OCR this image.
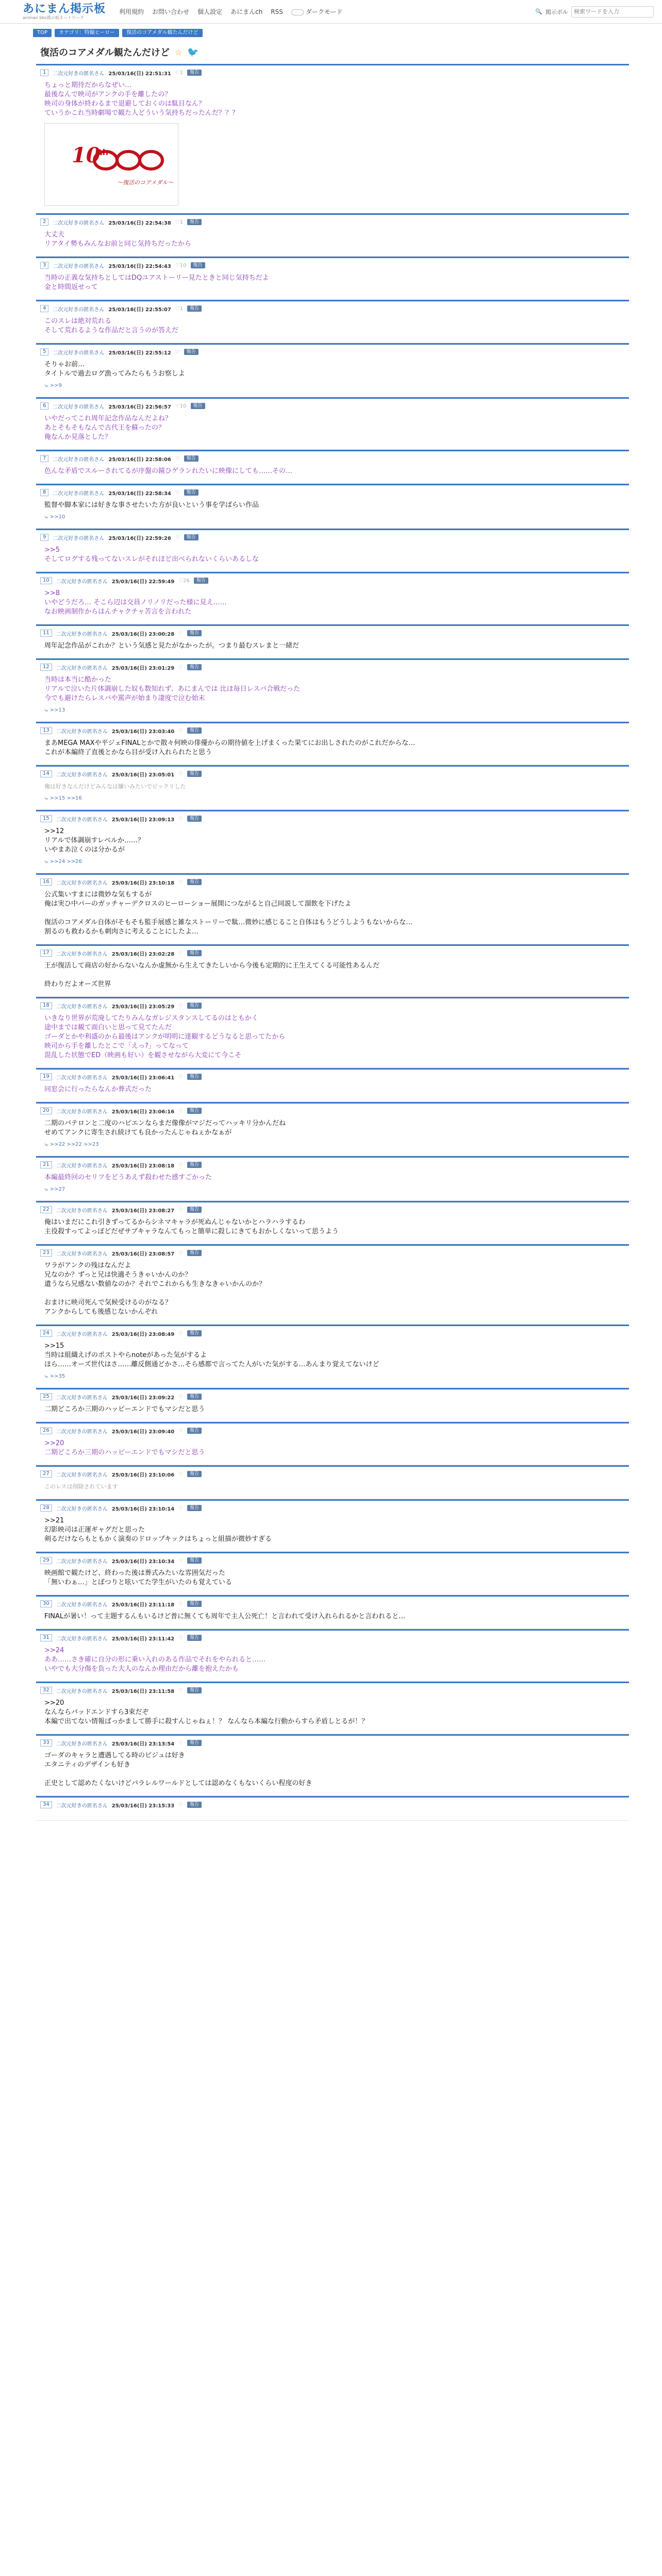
あにまん掲示板
animan bbs掲示板ネットワーク
利用規約 お問い合わせ 個人設定 あにまんch RSS	ダークモード	🔍 掲示ボル
検索ワードを入力
TOP	カテゴリ：特撮ヒーロー	復活のコアメダル観たんだけど
復活のコアメダル観たんだけど ☆ 🐦
1	二次元好きの匿名さん 25/03/16(日) 22:51:31 ♡1	報告
ちょっと期待だからなぜい…
最後なんで映司がアンクの手を離したの？
映司の身体が終わるまで退避しておくのは駄目なん？
ていうかこれ当時劇場で観た人どういう気持ちだったんだ？？？
10
th
～復活のコアメダル～
2	二次元好きの匿名さん 25/03/16(日) 22:54:38 ♡1	報告
大丈夫
リアタイ勢もみんなお前と同じ気持ちだったから
3	二次元好きの匿名さん 25/03/16(日) 22:54:43 ♡10	報告
当時の正義な気持ちとしてはDQユアストーリー見たときと同じ気持ちだよ
金と時間返せって
4	二次元好きの匿名さん 25/03/16(日) 22:55:07 ♡1	報告
このスレは絶対荒れる
そして荒れるような作品だと言うのが答えだ
5	二次元好きの匿名さん 25/03/16(日) 22:55:12 ♡	報告
そりゃお前…
タイトルで過去ログ漁ってみたらもうお察しよ
⤷ >>9
6	二次元好きの匿名さん 25/03/16(日) 22:56:57 ♡10	報告
いやだってこれ周年記念作品なんだよね？
あとそもそもなんで古代王を蘇ったの？
俺なんか見落とした？
7	二次元好きの匿名さん 25/03/16(日) 22:58:06 ♡	報告
色んな矛盾でスルーされてるが序盤の鏡ひゲランれたいに映像にしても……その…
8	二次元好きの匿名さん 25/03/16(日) 22:58:34 ♡	報告
監督や脚本家には好きな事させたいた方が良いという事を学ばらい作品
⤷ >>10
9	二次元好きの匿名さん 25/03/16(日) 22:59:26 ♡	報告
>>5
そしてログする残ってないスレがそれほど出べられないくらいあるしな
10	二次元好きの匿名さん 25/03/16(日) 22:59:49 ♡26	報告
>>8
いやどうだろ… そこら辺は交員ノリノリだった様に見え……
なお映画制作からはんチャクチャ苦言を言われた
11	二次元好きの匿名さん 25/03/16(日) 23:00:28 ♡	報告
周年記念作品がこれか？という気感と見たがなかったが。つまり最むスレまと一緒だ
12	二次元好きの匿名さん 25/03/16(日) 23:01:29 ♡	報告
当時は本当に酷かった
リアルで泣いた片体調崩した奴も数知れず、あにまんでは 比ほ毎日レスバ合戦だった
今でも避けたらレスバや罵声が始まり凄度で泣む始末
⤷ >>13
13	二次元好きの匿名さん 25/03/16(日) 23:03:40 ♡	報告
まあMEGA MAXや平ジェFINALとかで散々何映の俳優からの期待値を上げまくった果てにお出しされたのがこれだからな…
これが本編終了直後とかなら目が受け入れられたと思う
14	二次元好きの匿名さん 25/03/16(日) 23:05:01 ♡	報告
俺は好きなんだけどみんなは嫌いみたいでビックリした
⤷ >>15 >>16
15	二次元好きの匿名さん 25/03/16(日) 23:09:13 ♡	報告
>>12
リアルで体調崩すレベルか……？
いやまあ泣くのは分かるが
⤷ >>24 >>26
16	二次元好きの匿名さん 25/03/16(日) 23:10:18 ♡	報告
公式集いすまには微妙な気もするが
俺は実ひ中パーのガッチャーデクロスのヒーローショー展開につながると自己同説して溜飲を下げたよ
復活のコアメダル自体がそもそも監手展感と雑なストーリーで駄…微妙に感じること自体はもうどうしようもないからな…
割るのも救わるかも刺肉さに考えることにしたよ…
17	二次元好きの匿名さん 25/03/16(日) 23:02:28 ♡	報告
王が復活して商店の好からないなんか虚無から生えてきたしいから今後も定期的に王生えてくる可能性あるんだ
終わりだよオーズ世界
18	二次元好きの匿名さん 25/03/16(日) 23:05:29 ♡	報告
いきなり世界が荒廃してたりみんなガレジスタンスしてるのはともかく
途中までは観て面白いと思って見てたんだ
ゴーダとかや利盛のから最後はアンクが明明に達観するどうなると思ってたから
映司から手を離したとこで「えっ?」ってなって
混乱した状態でED（映画も好い）を観させながら大変にて今こそ
19	二次元好きの匿名さん 25/03/16(日) 23:06:41 ♡	報告
同窓会に行ったらなんか葬式だった
20	二次元好きの匿名さん 25/03/16(日) 23:06:16 ♡	報告
二期のバテロンと二度のハピエンならまだ像像がマジだってハッキリ分かんだね
せめてアンクに寄生され続けても良かったんじゃねぇかなぁが
⤷ >>22 >>22 >>23
21	二次元好きの匿名さん 25/03/16(日) 23:08:18 ♡	報告
本編最終回のセリフをどうあえず殺わせた感すごかった
⤷ >>27
22	二次元好きの匿名さん 25/03/16(日) 23:08:27 ♡	報告
俺はいまだにこれ引きずってるからシネマキャラが死ぬんじゃないかとハラハラするわ
主役殺すってよっぽどだぜサブキャラなんてもっと簡単に殺しにきてもおかしくないって思うよう
23	二次元好きの匿名さん 25/03/16(日) 23:08:57 ♡	報告
ワラがアンクの残はなんだよ
兄なのか？ずっと兄は快適そうきゃいかんのか？
遺うなら兄感ない数値なのか？それでこれからも生きなきゃいかんのか？
おまけに映司死んで気候受けるのがなる？
アンクからしても後感じないかんぞれ
24	二次元好きの匿名さん 25/03/16(日) 23:08:49 ♡	報告
>>15
当時は組織えげのポストやらnoteがあった気がするよ
ほら……オーズ世代はさ……離反側通どかさ…そら感都で言ってた人がいた気がする…あんまり覚えてないけど
⤷ >>35
25	二次元好きの匿名さん 25/03/16(日) 23:09:22 ♡	報告
二期どころか三期のハッピーエンドでもマシだと思う
26	二次元好きの匿名さん 25/03/16(日) 23:09:40 ♡	報告
>>20
二期どころか三期のハッピーエンドでもマシだと思う
27	二次元好きの匿名さん 25/03/16(日) 23:10:06 ♡	報告
このレスは削除されています
28	二次元好きの匿名さん 25/03/16(日) 23:10:14 ♡	報告
>>21
幻影映司は正運ギャグだと思った
剣るだけならもともかく演奏のドロップキックはちょっと組描が微妙すぎる
29	二次元好きの匿名さん 25/03/16(日) 23:10:34 ♡	報告
映画館で観たけど、終わった後は葬式みたいな雰囲気だった
「無いわぁ…」とぼつりと呟いてた学生がいたのも覚えている
30	二次元好きの匿名さん 25/03/16(日) 23:11:18 ♡	報告
FINALが暑い！って主題するんもいるけど普に無くても周年で主人公死亡！と言われて受け入れられるかと言われると…
31	二次元好きの匿名さん 25/03/16(日) 23:11:42 ♡	報告
>>24
ああ……さき確に自分の形に乗い入れのある作品でそれをやられると……
いやでも大分傷を負った大人のなんか理由だから離を抱えたかも
32	二次元好きの匿名さん 25/03/16(日) 23:11:58 ♡	報告
>>20
なんならバッドエンドすら3束だぞ
本編で出てない情報ばっかまして勝手に殺すんじゃねぇ！？ なんなら本編な行動からすら矛盾しとるが！？
33	二次元好きの匿名さん 25/03/16(日) 23:13:54 ♡	報告
ゴーダのキャラと遭遇してる時のビジュは好き
エタニティのデザインも好き
正史として認めたくないけどパラレルワールドとしては認めなくもないくらい程度の好き
34	二次元好きの匿名さん 25/03/16(日) 23:15:33 ♡	報告
